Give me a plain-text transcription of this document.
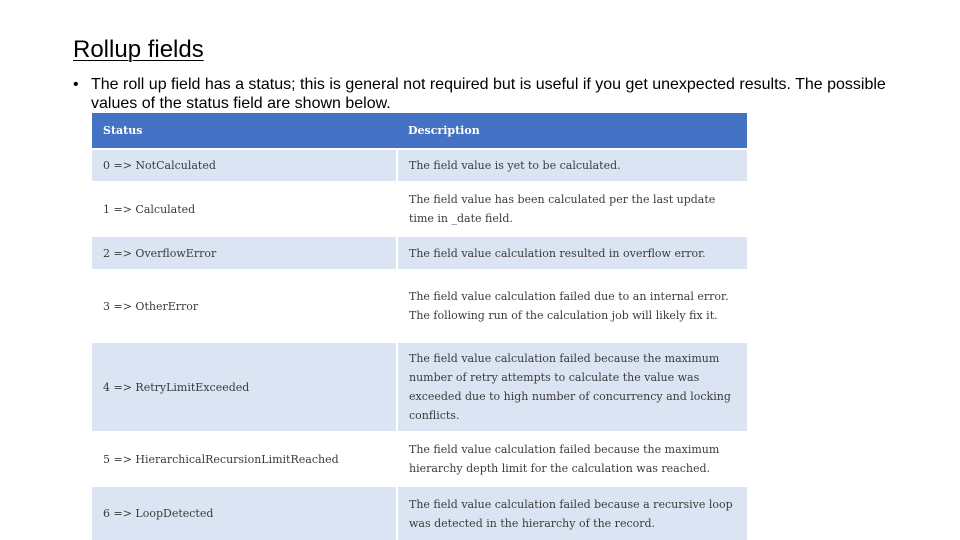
Rollup fields
• The roll up field has a status; this is general not required but is useful if you get unexpected results. The possible values of the status field are shown below.
Status	Description
0 => NotCalculated	The field value is yet to be calculated.
1 => Calculated	The field value has been calculated per the last update time in _date field.
2 => OverflowError	The field value calculation resulted in overflow error.
3 => OtherError	The field value calculation failed due to an internal error. The following run of the calculation job will likely fix it.
4 => RetryLimitExceeded	The field value calculation failed because the maximum number of retry attempts to calculate the value was exceeded due to high number of concurrency and locking conflicts.
5 => HierarchicalRecursionLimitReached	The field value calculation failed because the maximum hierarchy depth limit for the calculation was reached.
6 => LoopDetected	The field value calculation failed because a recursive loop was detected in the hierarchy of the record.
